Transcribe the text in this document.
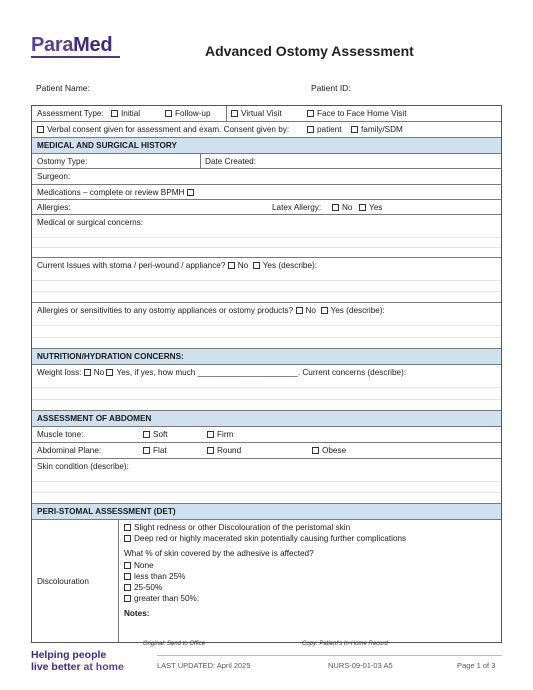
ParaMed	Advanced Ostomy Assessment
Patient Name:	Patient ID:
Assessment Type:	Initial	Follow-up	Virtual Visit	Face to Face Home Visit
Verbal consent given for assessment and exam. Consent given by:	patient	family/SDM
MEDICAL AND SURGICAL HISTORY
Ostomy Type:	Date Created:
Surgeon:
Medications – complete or review BPMH
Allergies:	Latex Allergy:	No	Yes
Medical or surgical concerns:
Current Issues with stoma / peri-wound / appliance? No Yes (describe):
Allergies or sensitivities to any ostomy appliances or ostomy products? No Yes (describe):
NUTRITION/HYDRATION CONCERNS:
Weight loss: No Yes, if yes, how much ______________________. Current concerns (describe):
ASSESSMENT OF ABDOMEN
Muscle tone:	Soft	Firm
Abdominal Plane:	Flat	Round	Obese
Skin condition (describe):
PERI-STOMAL ASSESSMENT (DET)
Discolouration
Slight redness or other Discolouration of the peristomal skin
Deep red or highly macerated skin potentially causing further complications
What % of skin covered by the adhesive is affected?
None
less than 25%
25-50%
greater than 50%:
Notes:
Original: Send to Office	Copy: Patient's In-Home Record
Helping people
live better at home	LAST UPDATED: April 2025	NURS-09-01-03 A5	Page 1 of 3
